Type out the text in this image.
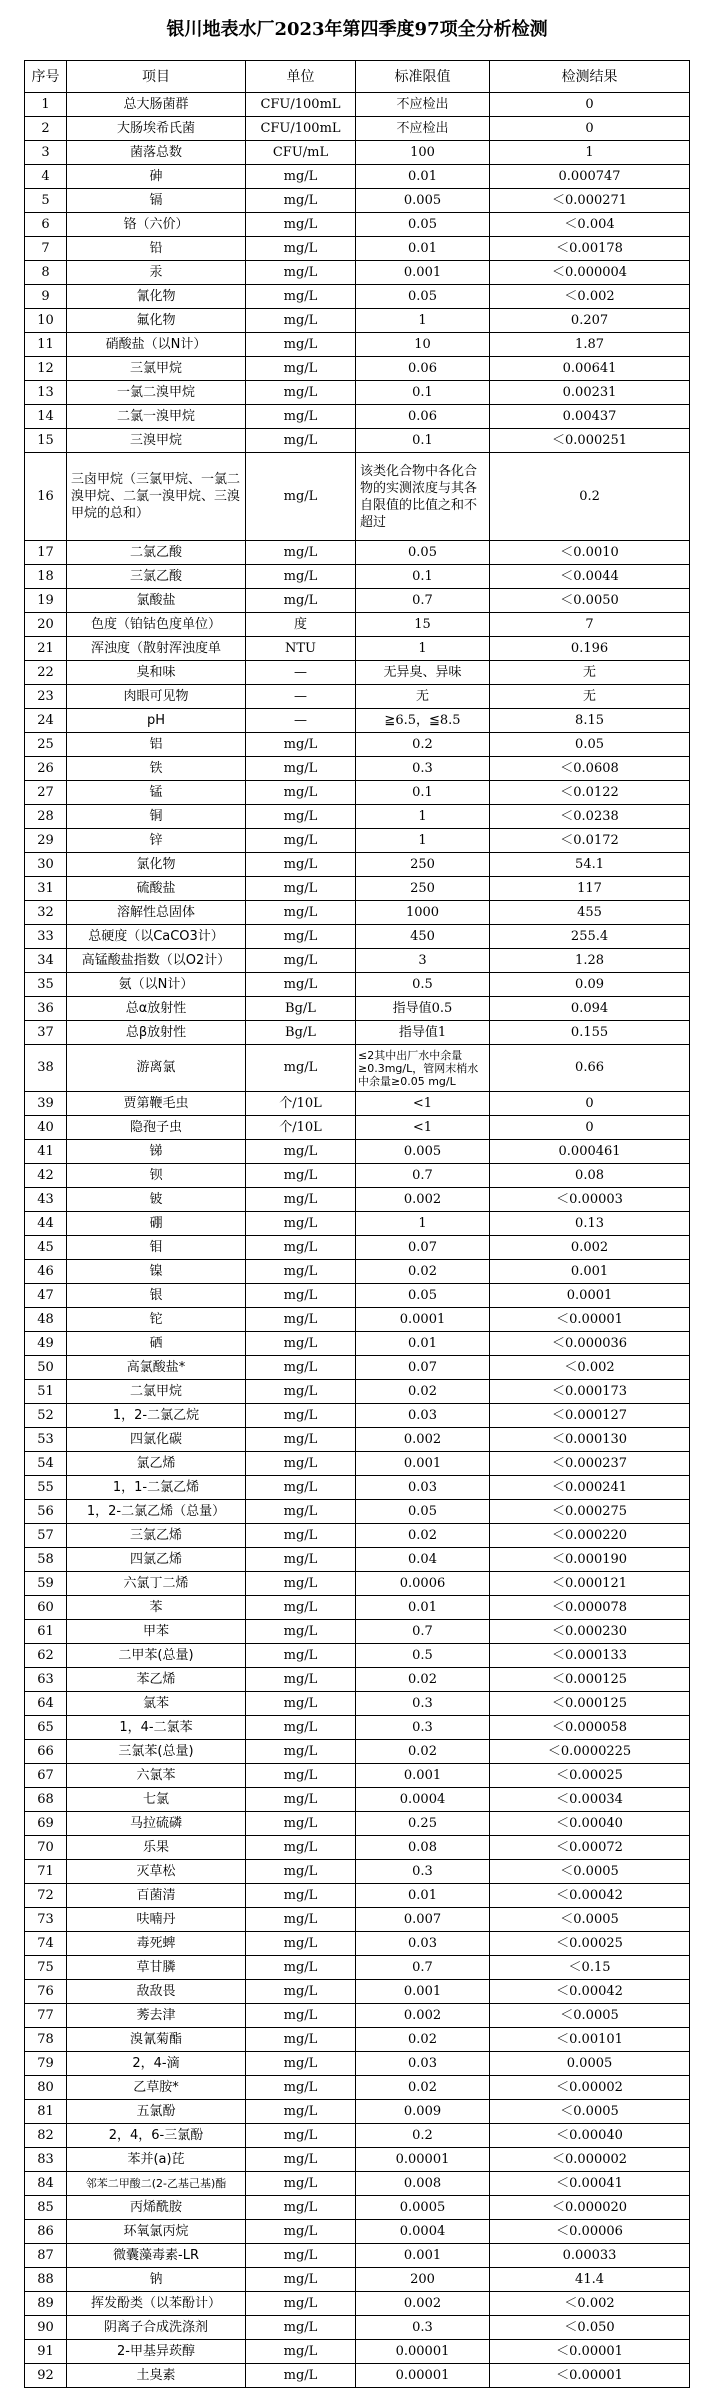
银川地表水厂2023年第四季度97项全分析检测				
序号	项目	单位	标准限值	检测结果
1	总大肠菌群	CFU/100mL	不应检出	0
2	大肠埃希氏菌	CFU/100mL	不应检出	0
3	菌落总数	CFU/mL	100	1
4	砷	mg/L	0.01	0.000747
5	镉	mg/L	0.005	＜0.000271
6	铬（六价）	mg/L	0.05	＜0.004
7	铅	mg/L	0.01	＜0.00178
8	汞	mg/L	0.001	＜0.000004
9	氰化物	mg/L	0.05	＜0.002
10	氟化物	mg/L	1	0.207
11	硝酸盐（以N计）	mg/L	10	1.87
12	三氯甲烷	mg/L	0.06	0.00641
13	一氯二溴甲烷	mg/L	0.1	0.00231
14	二氯一溴甲烷	mg/L	0.06	0.00437
15	三溴甲烷	mg/L	0.1	＜0.000251
16	三卤甲烷（三氯甲烷、一氯二溴甲烷、二氯一溴甲烷、三溴甲烷的总和）	mg/L	该类化合物中各化合物的实测浓度与其各自限值的比值之和不超过	0.2
17	二氯乙酸	mg/L	0.05	＜0.0010
18	三氯乙酸	mg/L	0.1	＜0.0044
19	氯酸盐	mg/L	0.7	＜0.0050
20	色度（铂钴色度单位）	度	15	7
21	浑浊度（散射浑浊度单	NTU	1	0.196
22	臭和味	—	无异臭、异味	无
23	肉眼可见物	—	无	无
24	pH	—	≧6.5，≦8.5	8.15
25	铝	mg/L	0.2	0.05
26	铁	mg/L	0.3	＜0.0608
27	锰	mg/L	0.1	＜0.0122
28	铜	mg/L	1	＜0.0238
29	锌	mg/L	1	＜0.0172
30	氯化物	mg/L	250	54.1
31	硫酸盐	mg/L	250	117
32	溶解性总固体	mg/L	1000	455
33	总硬度（以CaCO3计）	mg/L	450	255.4
34	高锰酸盐指数（以O2计）	mg/L	3	1.28
35	氨（以N计）	mg/L	0.5	0.09
36	总α放射性	Bg/L	指导值0.5	0.094
37	总β放射性	Bg/L	指导值1	0.155
38	游离氯	mg/L	≤2其中出厂水中余量≥0.3mg/L，管网末梢水中余量≥0.05 mg/L	0.66
39	贾第鞭毛虫	个/10L	<1	0
40	隐孢子虫	个/10L	<1	0
41	锑	mg/L	0.005	0.000461
42	钡	mg/L	0.7	0.08
43	铍	mg/L	0.002	＜0.00003
44	硼	mg/L	1	0.13
45	钼	mg/L	0.07	0.002
46	镍	mg/L	0.02	0.001
47	银	mg/L	0.05	0.0001
48	铊	mg/L	0.0001	＜0.00001
49	硒	mg/L	0.01	＜0.000036
50	高氯酸盐*	mg/L	0.07	＜0.002
51	二氯甲烷	mg/L	0.02	＜0.000173
52	1，2-二氯乙烷	mg/L	0.03	＜0.000127
53	四氯化碳	mg/L	0.002	＜0.000130
54	氯乙烯	mg/L	0.001	＜0.000237
55	1，1-二氯乙烯	mg/L	0.03	＜0.000241
56	1，2-二氯乙烯（总量）	mg/L	0.05	＜0.000275
57	三氯乙烯	mg/L	0.02	＜0.000220
58	四氯乙烯	mg/L	0.04	＜0.000190
59	六氯丁二烯	mg/L	0.0006	＜0.000121
60	苯	mg/L	0.01	＜0.000078
61	甲苯	mg/L	0.7	＜0.000230
62	二甲苯(总量)	mg/L	0.5	＜0.000133
63	苯乙烯	mg/L	0.02	＜0.000125
64	氯苯	mg/L	0.3	＜0.000125
65	1，4-二氯苯	mg/L	0.3	＜0.000058
66	三氯苯(总量)	mg/L	0.02	＜0.0000225
67	六氯苯	mg/L	0.001	＜0.00025
68	七氯	mg/L	0.0004	＜0.00034
69	马拉硫磷	mg/L	0.25	＜0.00040
70	乐果	mg/L	0.08	＜0.00072
71	灭草松	mg/L	0.3	＜0.0005
72	百菌清	mg/L	0.01	＜0.00042
73	呋喃丹	mg/L	0.007	＜0.0005
74	毒死蜱	mg/L	0.03	＜0.00025
75	草甘膦	mg/L	0.7	＜0.15
76	敌敌畏	mg/L	0.001	＜0.00042
77	莠去津	mg/L	0.002	＜0.0005
78	溴氰菊酯	mg/L	0.02	＜0.00101
79	2，4-滴	mg/L	0.03	0.0005
80	乙草胺*	mg/L	0.02	＜0.00002
81	五氯酚	mg/L	0.009	＜0.0005
82	2，4，6-三氯酚	mg/L	0.2	＜0.00040
83	苯并(a)芘	mg/L	0.00001	＜0.000002
84	邻苯二甲酸二(2-乙基己基)酯	mg/L	0.008	＜0.00041
85	丙烯酰胺	mg/L	0.0005	＜0.000020
86	环氧氯丙烷	mg/L	0.0004	＜0.00006
87	微囊藻毒素-LR	mg/L	0.001	0.00033
88	钠	mg/L	200	41.4
89	挥发酚类（以苯酚计）	mg/L	0.002	＜0.002
90	阴离子合成洗涤剂	mg/L	0.3	＜0.050
91	2-甲基异莰醇	mg/L	0.00001	＜0.00001
92	土臭素	mg/L	0.00001	＜0.00001
